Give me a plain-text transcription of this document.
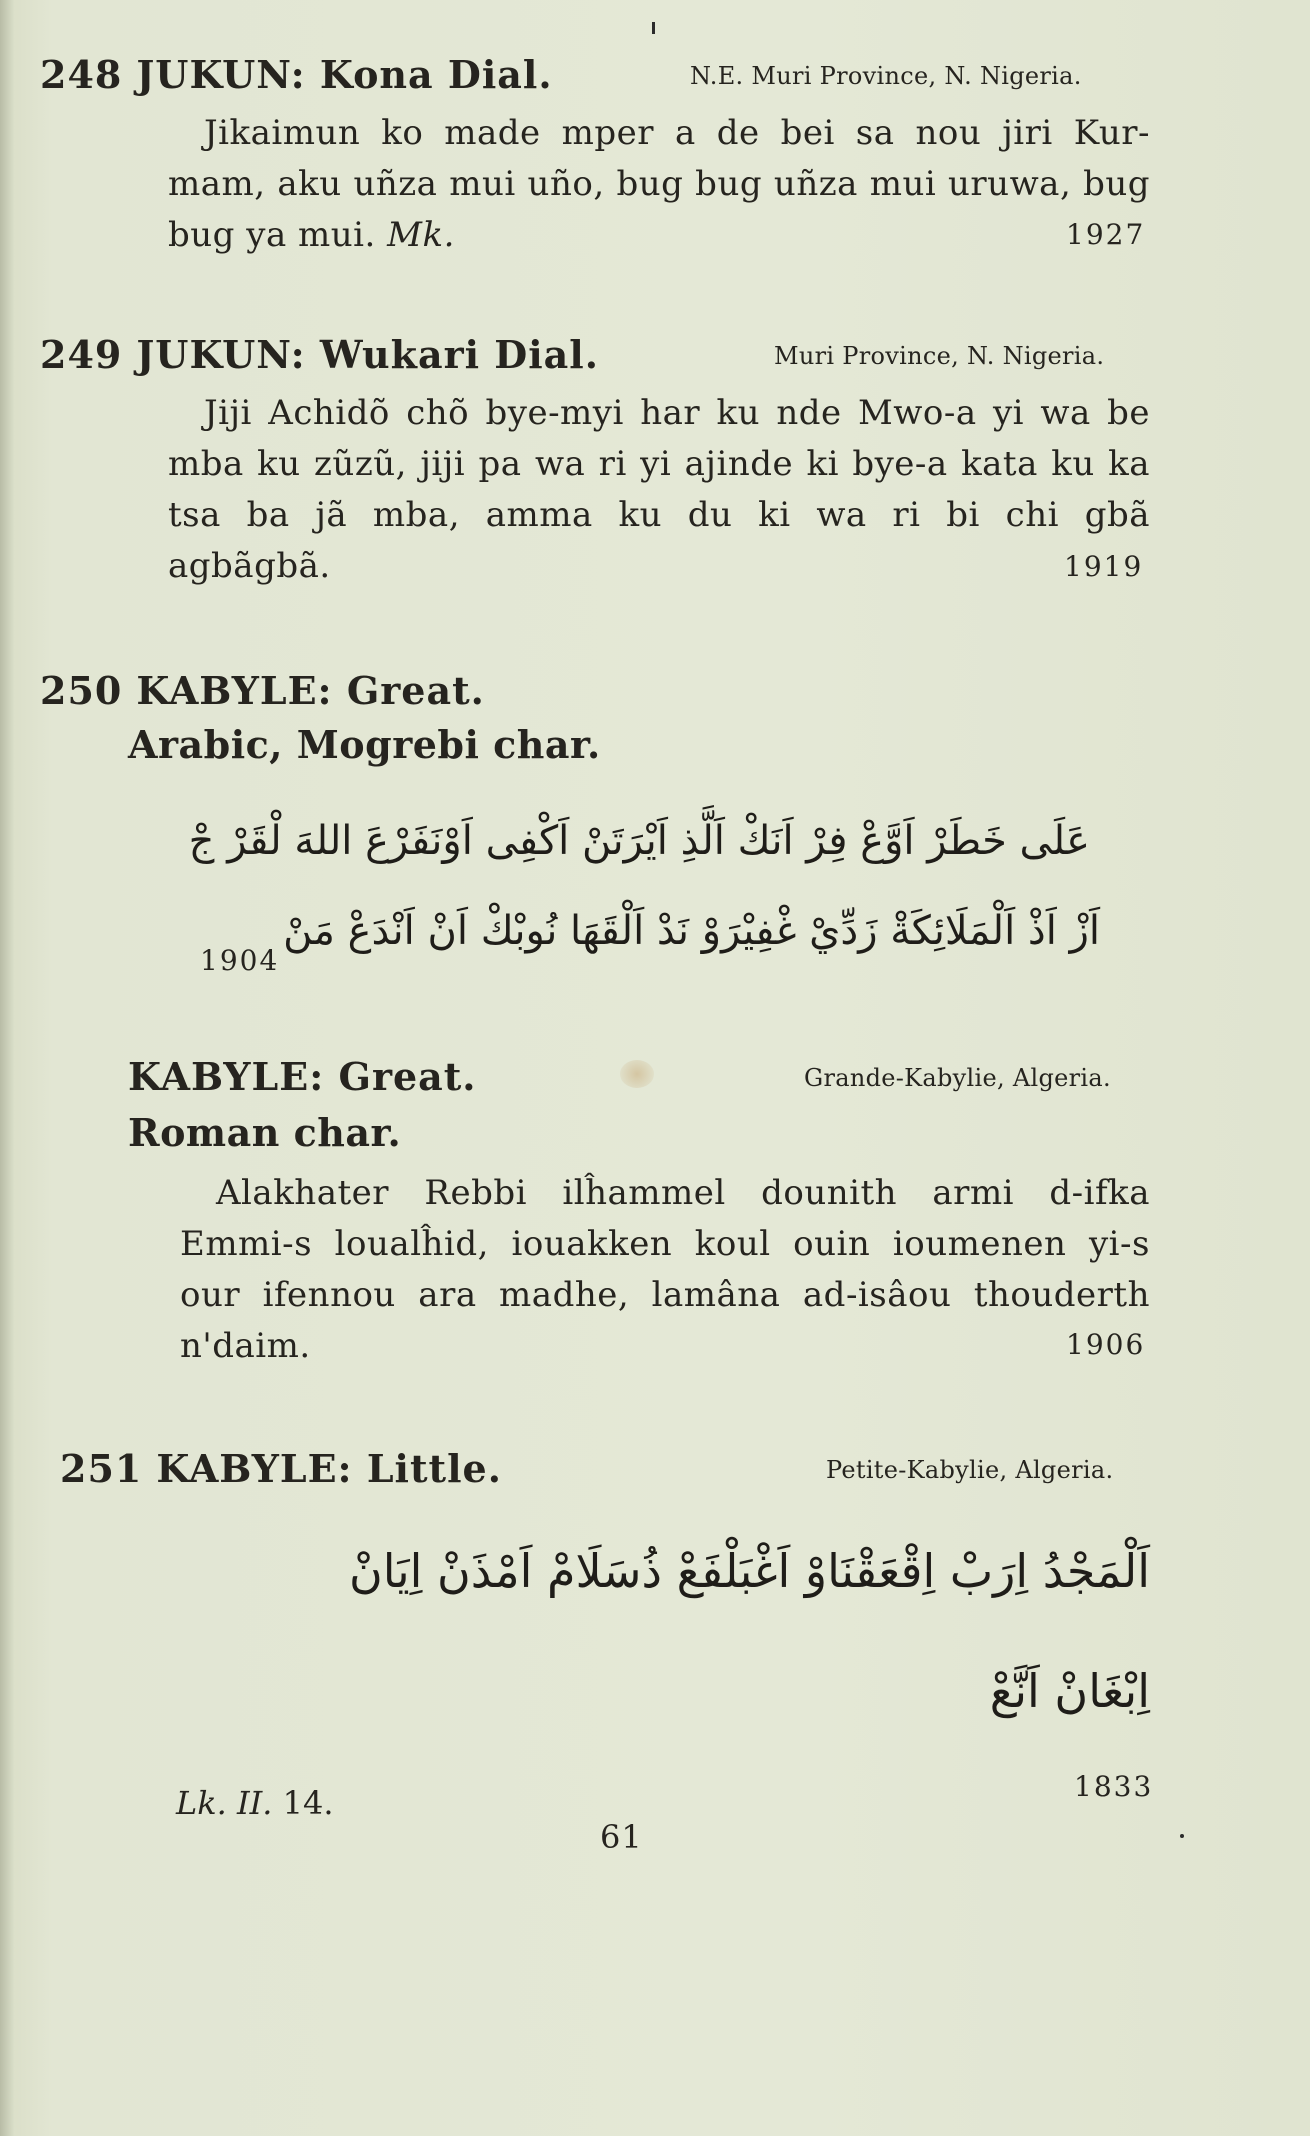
248 JUKUN: Kona Dial.	N.E. Muri Province, N. Nigeria.

Jikaimun ko made mper a de bei sa nou jiri Kur-mam, aku uñza mui uño, bug bug uñza mui uruwa, bug bug ya mui. Mk.	1927
249 JUKUN: Wukari Dial.	Muri Province, N. Nigeria.

Jiji Achidõ chõ bye-myi har ku nde Mwo-a yi wa be mba ku zũzũ, jiji pa wa ri yi ajinde ki bye-a kata ku ka tsa ba jã mba, amma ku du ki wa ri bi chi gbã agbãgbã.	1919
250 KABYLE: Great.
Arabic, Mogrebi char.
عَلَى خَطَرْ اَوَّعْ فِرْ اَنَكْ اَلَّذِ اَيْرَتَنْ اَكْفِى اَوْنَفَرْعَ اللهَ لْقَرْ جْ
اَزْ اَذْ اَلْمَلَائِكَةْ زَدِّيْ غْفِيْرَوْ نَدْ اَلْقَهَا نُوبْكْ اَنْ اَنْدَعْ مَنْ
1904
KABYLE: Great.	Grande-Kabylie, Algeria.
Roman char.

Alakhater Rebbi ilĥammel dounith armi d-ifka Emmi-s loualĥid, iouakken koul ouin ioumenen yi-s our ifennou ara madhe, lamâna ad-isâou thouderth n'daim.	1906
251 KABYLE: Little.	Petite-Kabylie, Algeria.
اَلْمَجْدُ اِرَبْ اِقْعَقْنَاوْ اَغْبَلْفَعْ ذُسَلَامْ اَمْذَنْ اِيَانْ
اِبْغَانْ اَنَّعْ
Lk. II. 14.	1833
61
